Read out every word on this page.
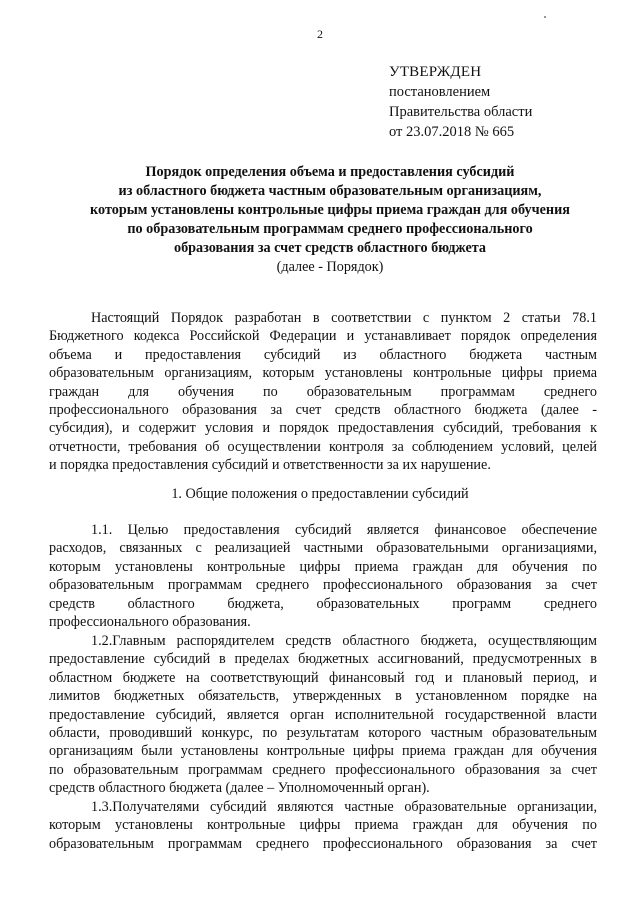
2
УТВЕРЖДЕН
постановлением
Правительства области
от 23.07.2018 № 665
Порядок определения объема и предоставления субсидий
из областного бюджета частным образовательным организациям,
которым установлены контрольные цифры приема граждан для обучения
по образовательным программам среднего профессионального
образования за счет средств областного бюджета
(далее - Порядок)
Настоящий Порядок разработан в соответствии с пунктом 2 статьи 78.1
Бюджетного кодекса Российской Федерации и устанавливает порядок определения
объема и предоставления субсидий из областного бюджета частным
образовательным организациям, которым установлены контрольные цифры приема
граждан для обучения по образовательным программам среднего
профессионального образования за счет средств областного бюджета (далее -
субсидия), и содержит условия и порядок предоставления субсидий, требования к
отчетности, требования об осуществлении контроля за соблюдением условий, целей
и порядка предоставления субсидий и ответственности за их нарушение.
1. Общие положения о предоставлении субсидий
1.1. Целью предоставления субсидий является финансовое обеспечение
расходов, связанных с реализацией частными образовательными организациями,
которым установлены контрольные цифры приема граждан для обучения по
образовательным программам среднего профессионального образования за счет
средств областного бюджета, образовательных программ среднего
профессионального образования.
1.2.Главным распорядителем средств областного бюджета, осуществляющим
предоставление субсидий в пределах бюджетных ассигнований, предусмотренных в
областном бюджете на соответствующий финансовый год и плановый период, и
лимитов бюджетных обязательств, утвержденных в установленном порядке на
предоставление субсидий, является орган исполнительной государственной власти
области, проводивший конкурс, по результатам которого частным образовательным
организациям были установлены контрольные цифры приема граждан для обучения
по образовательным программам среднего профессионального образования за счет
средств областного бюджета (далее – Уполномоченный орган).
1.3.Получателями субсидий являются частные образовательные организации,
которым установлены контрольные цифры приема граждан для обучения по
образовательным программам среднего профессионального образования за счет
